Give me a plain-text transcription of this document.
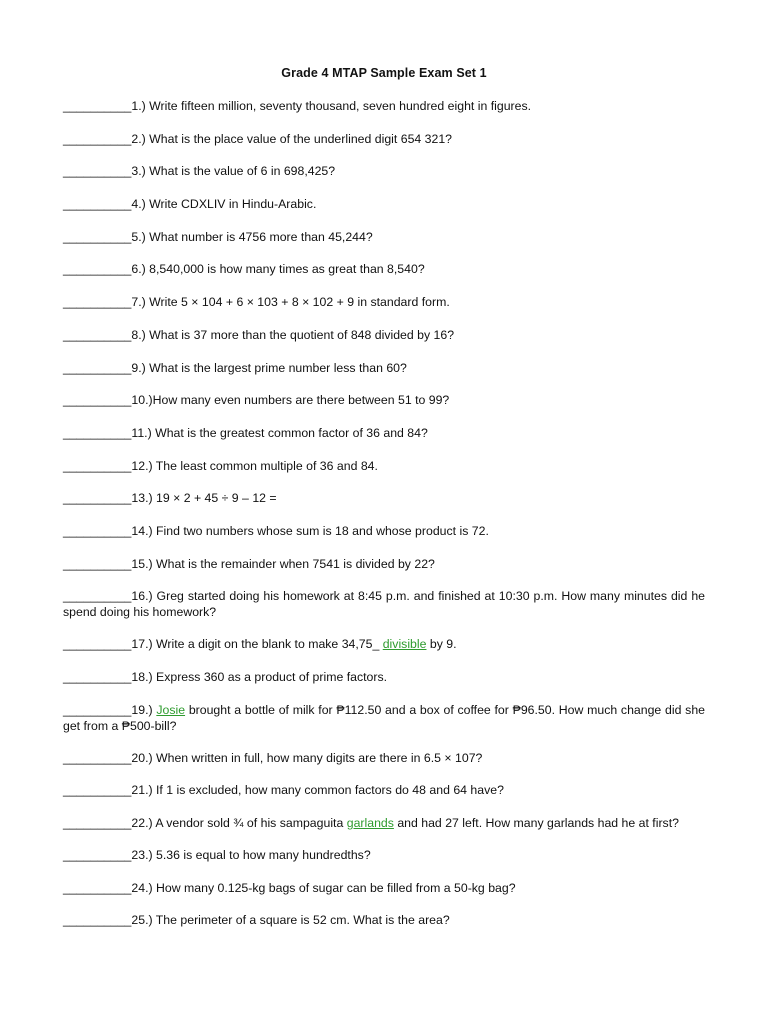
Grade 4 MTAP Sample Exam Set 1
__________1.) Write fifteen million, seventy thousand, seven hundred eight in figures.
__________2.) What is the place value of the underlined digit 654 321?
__________3.) What is the value of 6 in 698,425?
__________4.) Write CDXLIV in Hindu-Arabic.
__________5.) What number is 4756 more than 45,244?
__________6.) 8,540,000 is how many times as great than 8,540?
__________7.) Write 5 × 104 + 6 × 103 + 8 × 102 + 9 in standard form.
__________8.) What is 37 more than the quotient of 848 divided by 16?
__________9.) What is the largest prime number less than 60?
__________10.)How many even numbers are there between 51 to 99?
__________11.) What is the greatest common factor of 36 and 84?
__________12.) The least common multiple of 36 and 84.
__________13.) 19 × 2 + 45 ÷ 9 – 12 =
__________14.) Find two numbers whose sum is 18 and whose product is 72.
__________15.) What is the remainder when 7541 is divided by 22?
__________16.) Greg started doing his homework at 8:45 p.m. and finished at 10:30 p.m. How many minutes did he spend doing his homework?
__________17.) Write a digit on the blank to make 34,75_ divisible by 9.
__________18.) Express 360 as a product of prime factors.
__________19.) Josie brought a bottle of milk for ₱112.50 and a box of coffee for ₱96.50. How much change did she get from a ₱500-bill?
__________20.) When written in full, how many digits are there in 6.5 × 107?
__________21.) If 1 is excluded, how many common factors do 48 and 64 have?
__________22.) A vendor sold ¾ of his sampaguita garlands and had 27 left. How many garlands had he at first?
__________23.) 5.36 is equal to how many hundredths?
__________24.) How many 0.125-kg bags of sugar can be filled from a 50-kg bag?
__________25.) The perimeter of a square is 52 cm. What is the area?
